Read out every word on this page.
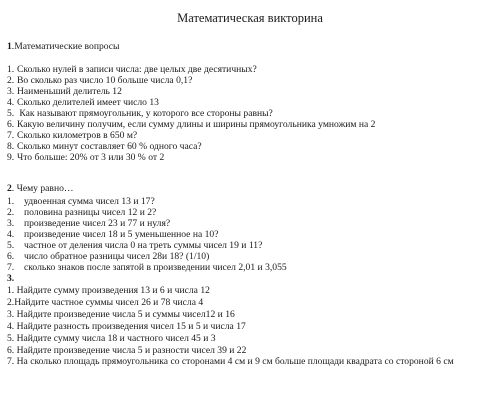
Математическая викторина
1.Математические вопросы
1. Сколько нулей в записи числа: две целых две десятичных?
2. Во сколько раз число 10 больше числа 0,1?
3. Наименьший делитель 12
4. Сколько делителей имеет число 13
5. Как называют прямоугольник, у которого все стороны равны?
6. Какую величину получим, если сумму длины и ширины прямоугольника умножим на 2
7. Сколько километров в 650 м?
8. Сколько минут составляет 60 % одного часа?
9. Что больше: 20% от 3 или 30 % от 2
2. Чему равно…
1. удвоенная сумма чисел 13 и 17?
2. половина разницы чисел 12 и 2?
3. произведение чисел 23 и 77 и нуля?
4. произведение чисел 18 и 5 уменьшенное на 10?
5. частное от деления числа 0 на треть суммы чисел 19 и 11?
6. число обратное разницы чисел 28и 18? (1/10)
7. сколько знаков после запятой в произведении чисел 2,01 и 3,055
3.
1. Найдите сумму произведения 13 и 6 и числа 12
2.Найдите частное суммы чисел 26 и 78 числа 4
3. Найдите произведение числа 5 и суммы чисел12 и 16
4. Найдите разность произведения чисел 15 и 5 и числа 17
5. Найдите сумму числа 18 и частного чисел 45 и 3
6. Найдите произведение числа 5 и разности чисел 39 и 22
7. На сколько площадь прямоугольника со сторонами 4 см и 9 см больше площади квадрата со стороной 6 см
